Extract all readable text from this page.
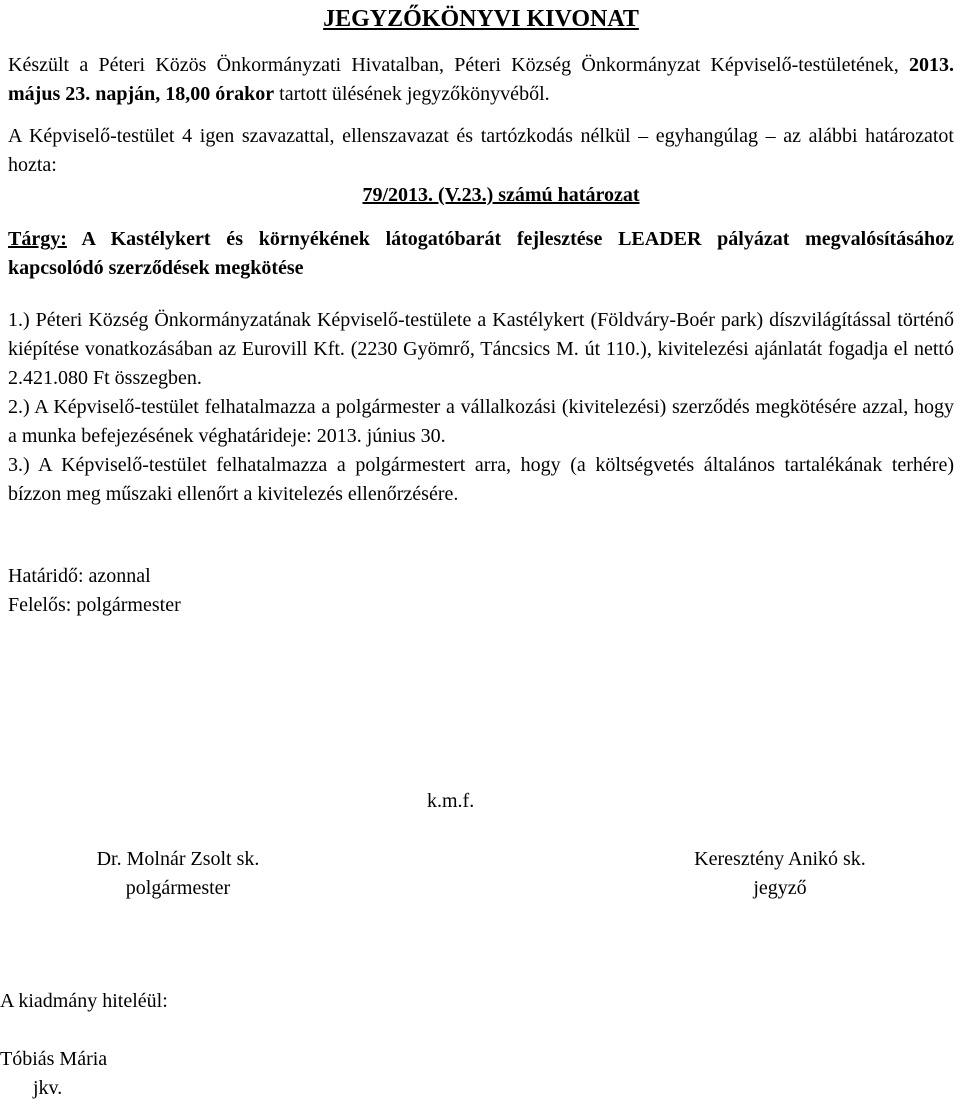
JEGYZŐKÖNYVI KIVONAT

Készült a Péteri Közös Önkormányzati Hivatalban, Péteri Község Önkormányzat Képviselő-testületének, 2013. május 23. napján, 18,00 órakor tartott ülésének jegyzőkönyvéből.

A Képviselő-testület 4 igen szavazattal, ellenszavazat és tartózkodás nélkül – egyhangúlag – az alábbi határozatot hozta:

79/2013. (V.23.) számú határozat

Tárgy: A Kastélykert és környékének látogatóbarát fejlesztése LEADER pályázat megvalósításához kapcsolódó szerződések megkötése

1.) Péteri Község Önkormányzatának Képviselő-testülete a Kastélykert (Földváry-Boér park) díszvilágítással történő kiépítése vonatkozásában az Eurovill Kft. (2230 Gyömrő, Táncsics M. út 110.), kivitelezési ajánlatát fogadja el nettó 2.421.080 Ft összegben.

2.) A Képviselő-testület felhatalmazza a polgármester a vállalkozási (kivitelezési) szerződés megkötésére azzal, hogy a munka befejezésének véghatárideje: 2013. június 30.

3.) A Képviselő-testület felhatalmazza a polgármestert arra, hogy (a költségvetés általános tartalékának terhére) bízzon meg műszaki ellenőrt a kivitelezés ellenőrzésére.

Határidő: azonnal

Felelős: polgármester

k.m.f.
Dr. Molnár Zsolt sk.
polgármester
Keresztény Anikó sk.
jegyző
A kiadmány hiteléül:
Tóbiás Mária
jkv.
